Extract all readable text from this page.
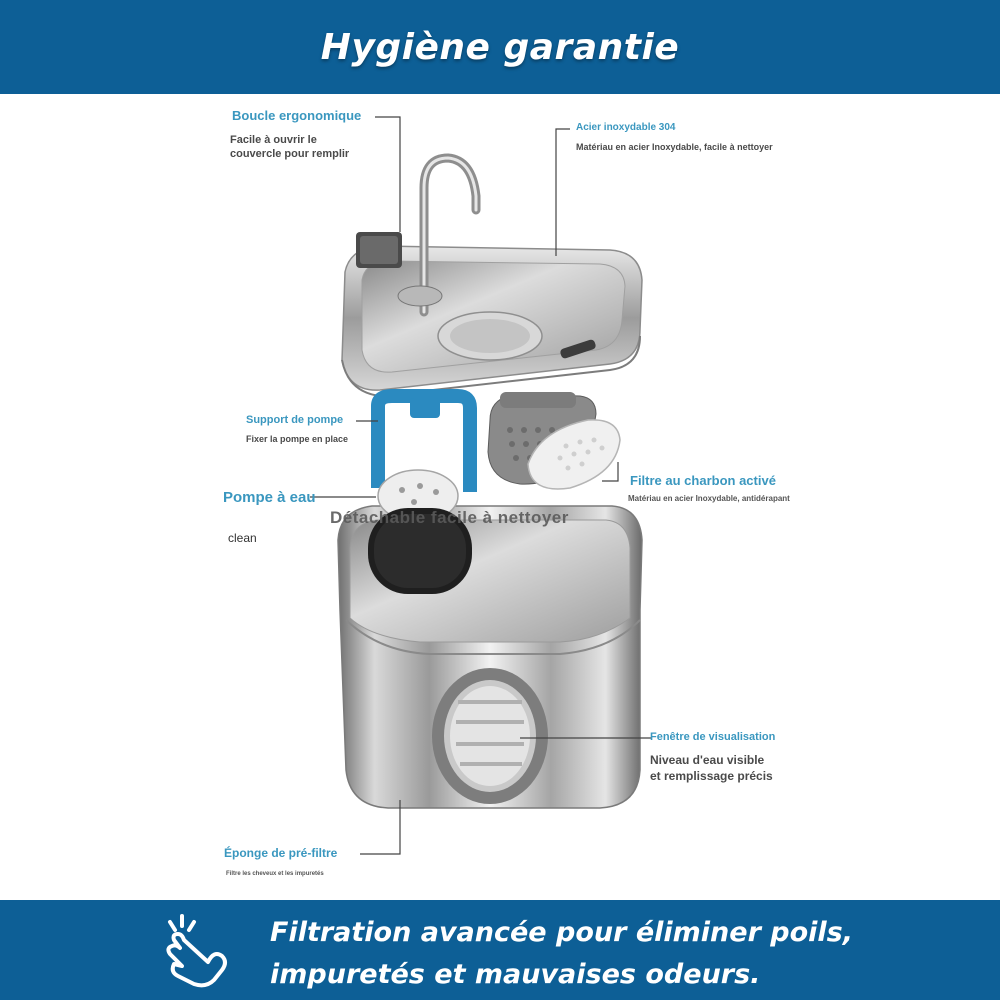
Hygiène garantie

Boucle ergonomique

Facile à ouvrir le

couvercle pour remplir

Acier inoxydable 304

Matériau en acier Inoxydable, facile à nettoyer

Support de pompe

Fixer la pompe en place

Filtre au charbon activé

Matériau en acier Inoxydable, antidérapant

Pompe à eau

clean

Fenêtre de visualisation

Niveau d'eau visible

et remplissage précis

Éponge de pré-filtre

Filtre les cheveux et les impuretés

Détachable facile à nettoyer

Filtration avancée pour éliminer poils,
impuretés et mauvaises odeurs.
